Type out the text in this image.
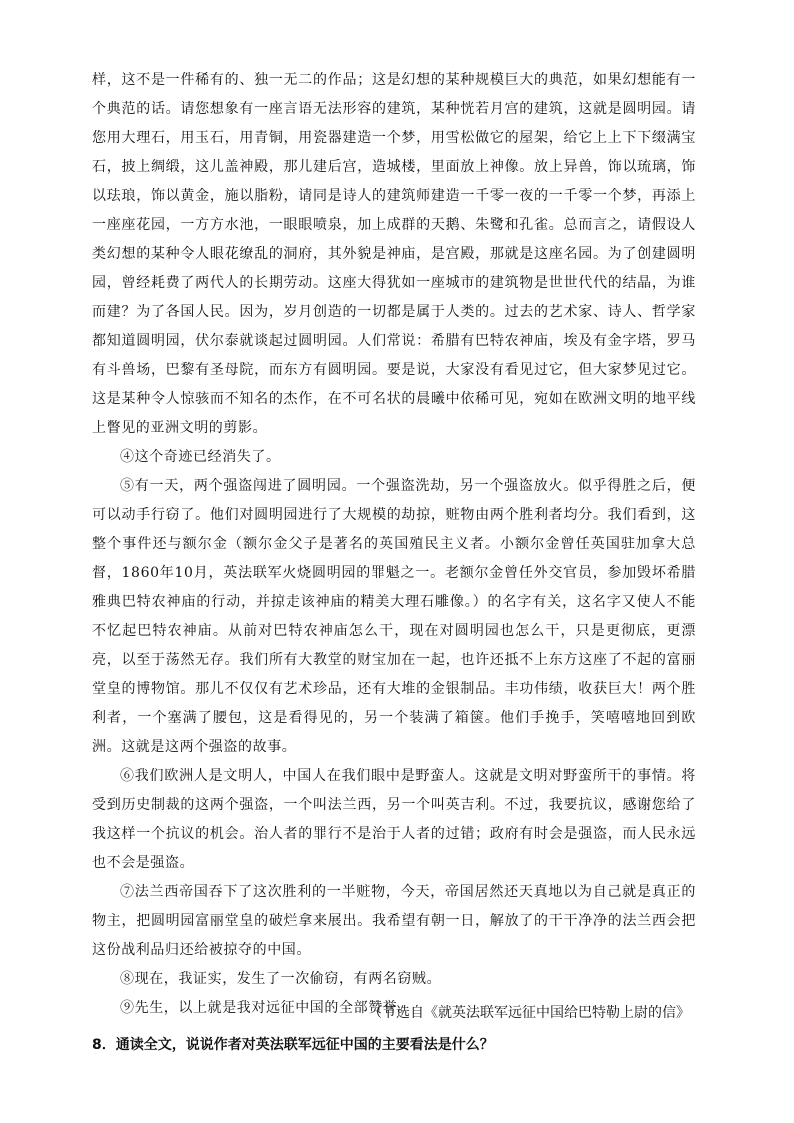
样，这不是一件稀有的、独一无二的作品；这是幻想的某种规模巨大的典范，如果幻想能有一个典范的话。请您想象有一座言语无法形容的建筑，某种恍若月宫的建筑，这就是圆明园。请您用大理石，用玉石，用青铜，用瓷器建造一个梦，用雪松做它的屋架，给它上上下下缀满宝石，披上绸缎，这儿盖神殿，那儿建后宫，造城楼，里面放上神像。放上异兽，饰以琉璃，饰以珐琅，饰以黄金，施以脂粉，请同是诗人的建筑师建造一千零一夜的一千零一个梦，再添上一座座花园，一方方水池，一眼眼喷泉，加上成群的天鹅、朱鹭和孔雀。总而言之，请假设人类幻想的某种令人眼花缭乱的洞府，其外貌是神庙，是宫殿，那就是这座名园。为了创建圆明园，曾经耗费了两代人的长期劳动。这座大得犹如一座城市的建筑物是世世代代的结晶，为谁而建？为了各国人民。因为，岁月创造的一切都是属于人类的。过去的艺术家、诗人、哲学家都知道圆明园，伏尔泰就谈起过圆明园。人们常说：希腊有巴特农神庙，埃及有金字塔，罗马有斗兽场，巴黎有圣母院，而东方有圆明园。要是说，大家没有看见过它，但大家梦见过它。这是某种令人惊骇而不知名的杰作，在不可名状的晨曦中依稀可见，宛如在欧洲文明的地平线上瞥见的亚洲文明的剪影。

④这个奇迹已经消失了。

⑤有一天，两个强盗闯进了圆明园。一个强盗洗劫，另一个强盗放火。似乎得胜之后，便可以动手行窃了。他们对圆明园进行了大规模的劫掠，赃物由两个胜利者均分。我们看到，这整个事件还与额尔金（额尔金父子是著名的英国殖民主义者。小额尔金曾任英国驻加拿大总督，1860年10月，英法联军火烧圆明园的罪魁之一。老额尔金曾任外交官员，参加毁坏希腊雅典巴特农神庙的行动，并掠走该神庙的精美大理石雕像。）的名字有关，这名字又使人不能不忆起巴特农神庙。从前对巴特农神庙怎么干，现在对圆明园也怎么干，只是更彻底，更漂亮，以至于荡然无存。我们所有大教堂的财宝加在一起，也许还抵不上东方这座了不起的富丽堂皇的博物馆。那儿不仅仅有艺术珍品，还有大堆的金银制品。丰功伟绩，收获巨大！两个胜利者，一个塞满了腰包，这是看得见的，另一个装满了箱箧。他们手挽手，笑嘻嘻地回到欧洲。这就是这两个强盗的故事。

⑥我们欧洲人是文明人，中国人在我们眼中是野蛮人。这就是文明对野蛮所干的事情。将受到历史制裁的这两个强盗，一个叫法兰西，另一个叫英吉利。不过，我要抗议，感谢您给了我这样一个抗议的机会。治人者的罪行不是治于人者的过错；政府有时会是强盗，而人民永远也不会是强盗。

⑦法兰西帝国吞下了这次胜利的一半赃物，今天，帝国居然还天真地以为自己就是真正的物主，把圆明园富丽堂皇的破烂拿来展出。我希望有朝一日，解放了的干干净净的法兰西会把这份战利品归还给被掠夺的中国。

⑧现在，我证实，发生了一次偷窃，有两名窃贼。

⑨先生，以上就是我对远征中国的全部赞誉。

（节选自《就英法联军远征中国给巴特勒上尉的信》
8．通读全文，说说作者对英法联军远征中国的主要看法是什么？
